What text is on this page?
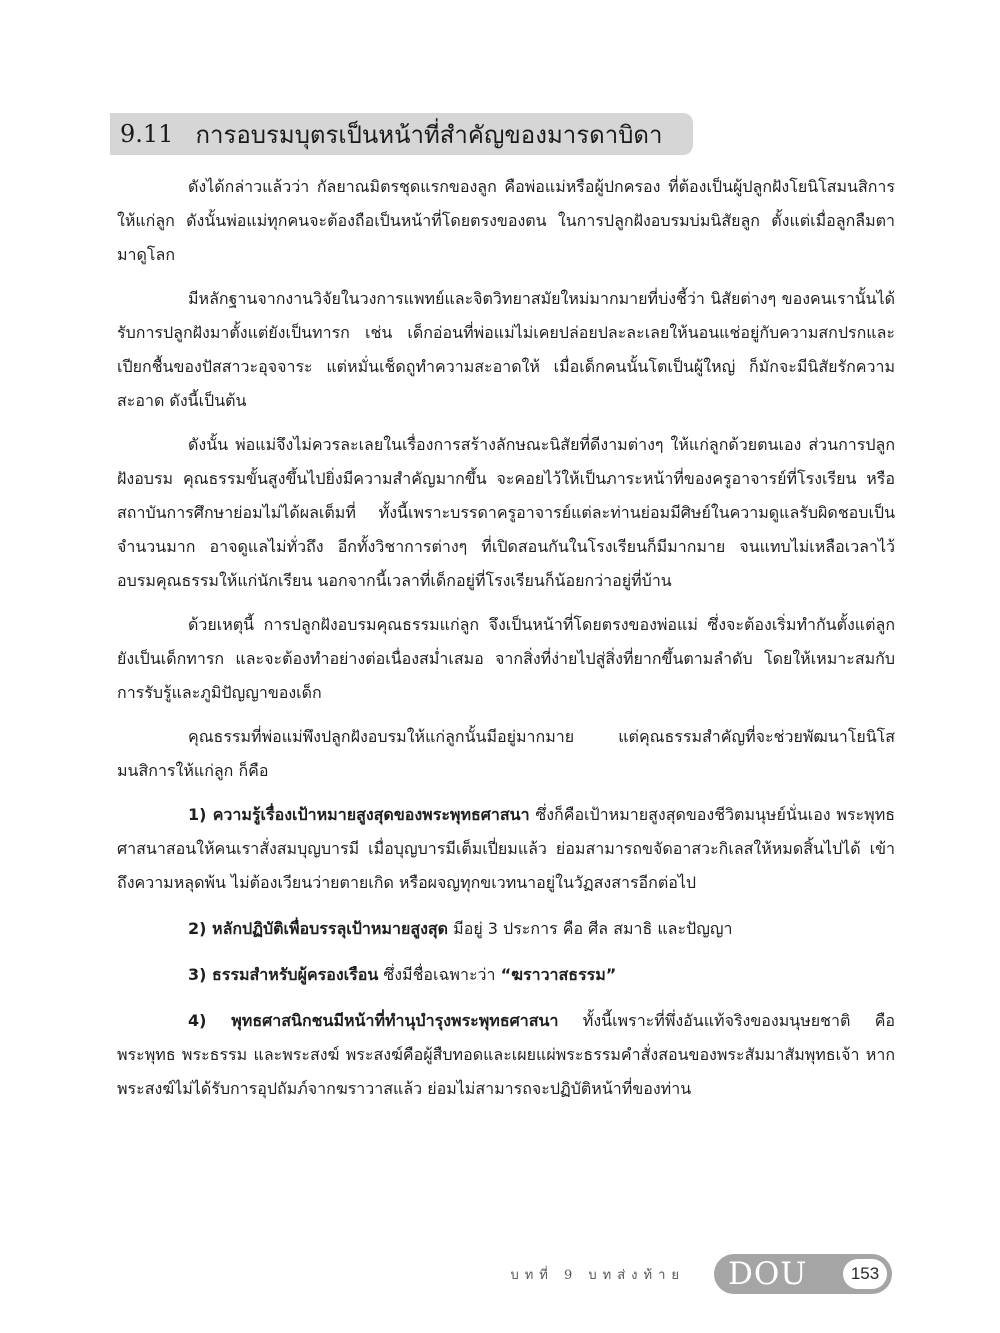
9.11 การอบรมบุตรเป็นหน้าที่สำคัญของมารดาบิดา

ดังได้กล่าวแล้วว่า กัลยาณมิตรชุดแรกของลูก คือพ่อแม่หรือผู้ปกครอง ที่ต้องเป็นผู้ปลูกฝังโยนิโสมนสิการให้แก่ลูก ดังนั้นพ่อแม่ทุกคนจะต้องถือเป็นหน้าที่โดยตรงของตน ในการปลูกฝังอบรมบ่มนิสัยลูก ตั้งแต่เมื่อลูกลืมตามาดูโลก

มีหลักฐานจากงานวิจัยในวงการแพทย์และจิตวิทยาสมัยใหม่มากมายที่บ่งชี้ว่า นิสัยต่างๆ ของคนเรานั้นได้รับการปลูกฝังมาตั้งแต่ยังเป็นทารก เช่น เด็กอ่อนที่พ่อแม่ไม่เคยปล่อยปละละเลยให้นอนแช่อยู่กับความสกปรกและเปียกชื้นของปัสสาวะอุจจาระ แต่หมั่นเช็ดถูทำความสะอาดให้ เมื่อเด็กคนนั้นโตเป็นผู้ใหญ่ ก็มักจะมีนิสัยรักความสะอาด ดังนี้เป็นต้น

ดังนั้น พ่อแม่จึงไม่ควรละเลยในเรื่องการสร้างลักษณะนิสัยที่ดีงามต่างๆ ให้แก่ลูกด้วยตนเอง ส่วนการปลูกฝังอบรม คุณธรรมขั้นสูงขึ้นไปยิ่งมีความสำคัญมากขึ้น จะคอยไว้ให้เป็นภาระหน้าที่ของครูอาจารย์ที่โรงเรียน หรือสถาบันการศึกษาย่อมไม่ได้ผลเต็มที่ ทั้งนี้เพราะบรรดาครูอาจารย์แต่ละท่านย่อมมีศิษย์ในความดูแลรับผิดชอบเป็นจำนวนมาก อาจดูแลไม่ทั่วถึง อีกทั้งวิชาการต่างๆ ที่เปิดสอนกันในโรงเรียนก็มีมากมาย จนแทบไม่เหลือเวลาไว้อบรมคุณธรรมให้แก่นักเรียน นอกจากนี้เวลาที่เด็กอยู่ที่โรงเรียนก็น้อยกว่าอยู่ที่บ้าน

ด้วยเหตุนี้ การปลูกฝังอบรมคุณธรรมแก่ลูก จึงเป็นหน้าที่โดยตรงของพ่อแม่ ซึ่งจะต้องเริ่มทำกันตั้งแต่ลูกยังเป็นเด็กทารก และจะต้องทำอย่างต่อเนื่องสม่ำเสมอ จากสิ่งที่ง่ายไปสู่สิ่งที่ยากขึ้นตามลำดับ โดยให้เหมาะสมกับการรับรู้และภูมิปัญญาของเด็ก

คุณธรรมที่พ่อแม่พึงปลูกฝังอบรมให้แก่ลูกนั้นมีอยู่มากมาย แต่คุณธรรมสำคัญที่จะช่วยพัฒนาโยนิโสมนสิการให้แก่ลูก ก็คือ

1) ความรู้เรื่องเป้าหมายสูงสุดของพระพุทธศาสนา ซึ่งก็คือเป้าหมายสูงสุดของชีวิตมนุษย์นั่นเอง พระพุทธศาสนาสอนให้คนเราสั่งสมบุญบารมี เมื่อบุญบารมีเต็มเปี่ยมแล้ว ย่อมสามารถขจัดอาสวะกิเลสให้หมดสิ้นไปได้ เข้าถึงความหลุดพ้น ไม่ต้องเวียนว่ายตายเกิด หรือผจญทุกขเวทนาอยู่ในวัฏสงสารอีกต่อไป

2) หลักปฏิบัติเพื่อบรรลุเป้าหมายสูงสุด มีอยู่ 3 ประการ คือ ศีล สมาธิ และปัญญา

3) ธรรมสำหรับผู้ครองเรือน ซึ่งมีชื่อเฉพาะว่า “ฆราวาสธรรม”

4) พุทธศาสนิกชนมีหน้าที่ทำนุบำรุงพระพุทธศาสนา ทั้งนี้เพราะที่พึ่งอันแท้จริงของมนุษยชาติ คือ พระพุทธ พระธรรม และพระสงฆ์ พระสงฆ์คือผู้สืบทอดและเผยแผ่พระธรรมคำสั่งสอนของพระสัมมาสัมพุทธเจ้า หากพระสงฆ์ไม่ได้รับการอุปถัมภ์จากฆราวาสแล้ว ย่อมไม่สามารถจะปฏิบัติหน้าที่ของท่าน

บทที่ 9 บทส่งท้าย DOU	153
